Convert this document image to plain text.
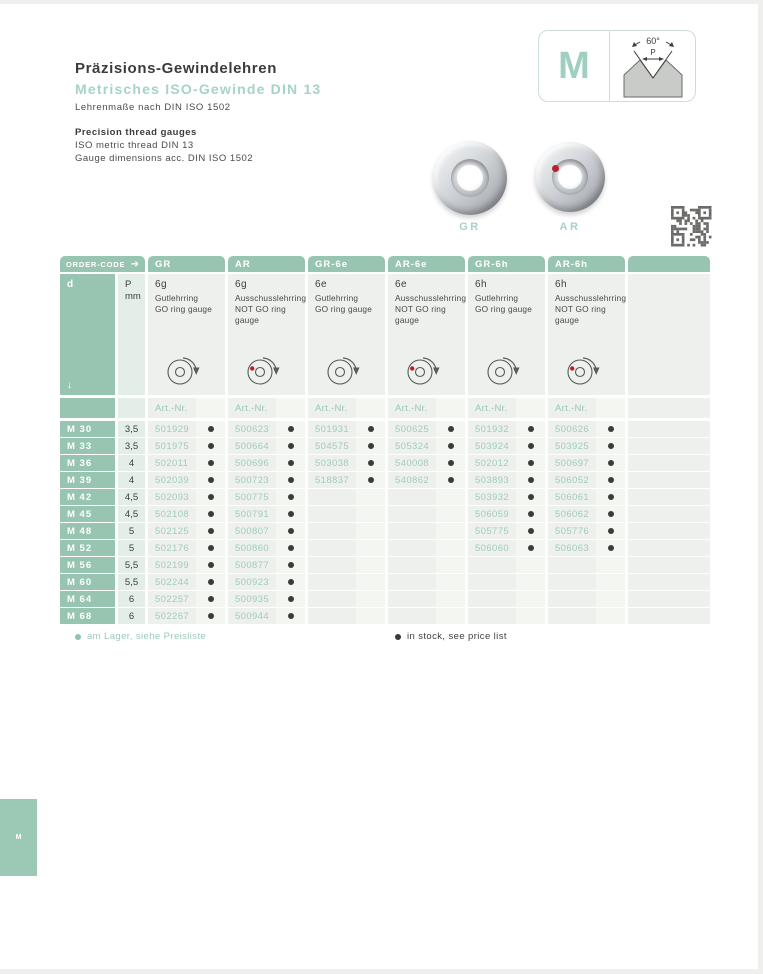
Präzisions-Gewindelehren
Metrisches ISO-Gewinde DIN 13
Lehrenmaße nach DIN ISO 1502
Precision thread gauges
ISO metric thread DIN 13
Gauge dimensions acc. DIN ISO 1502
M
60°
P
GR	AR
ORDER-CODE ➜
d
↓
M 30
M 33
M 36
M 39
M 42
M 45
M 48
M 52
M 56
M 60
M 64
M 68
P
mm
3,5
3,5
4
4
4,5
4,5
5
5
5,5
5,5
6
6
GR
6g
Gutlehrring
GO ring gauge
Art.-Nr.
501929
501975
502011
502039
502093
502108
502125
502176
502199
502244
502257
502267
AR
6g
Ausschusslehrring
NOT GO ring gauge
Art.-Nr.
500623
500664
500696
500723
500775
500791
500807
500860
500877
500923
500935
500944
GR-6e
6e
Gutlehrring
GO ring gauge
Art.-Nr.
501931
504575
503038
518837
AR-6e
6e
Ausschusslehrring
NOT GO ring gauge
Art.-Nr.
500625
505324
540008
540862
GR-6h
6h
Gutlehrring
GO ring gauge
Art.-Nr.
501932
503924
502012
503893
503932
506059
505775
506060
AR-6h
6h
Ausschusslehrring
NOT GO ring gauge
Art.-Nr.
500626
503925
500697
506052
506061
506062
505776
506063
am Lager, siehe Preisliste	in stock, see price list
M
